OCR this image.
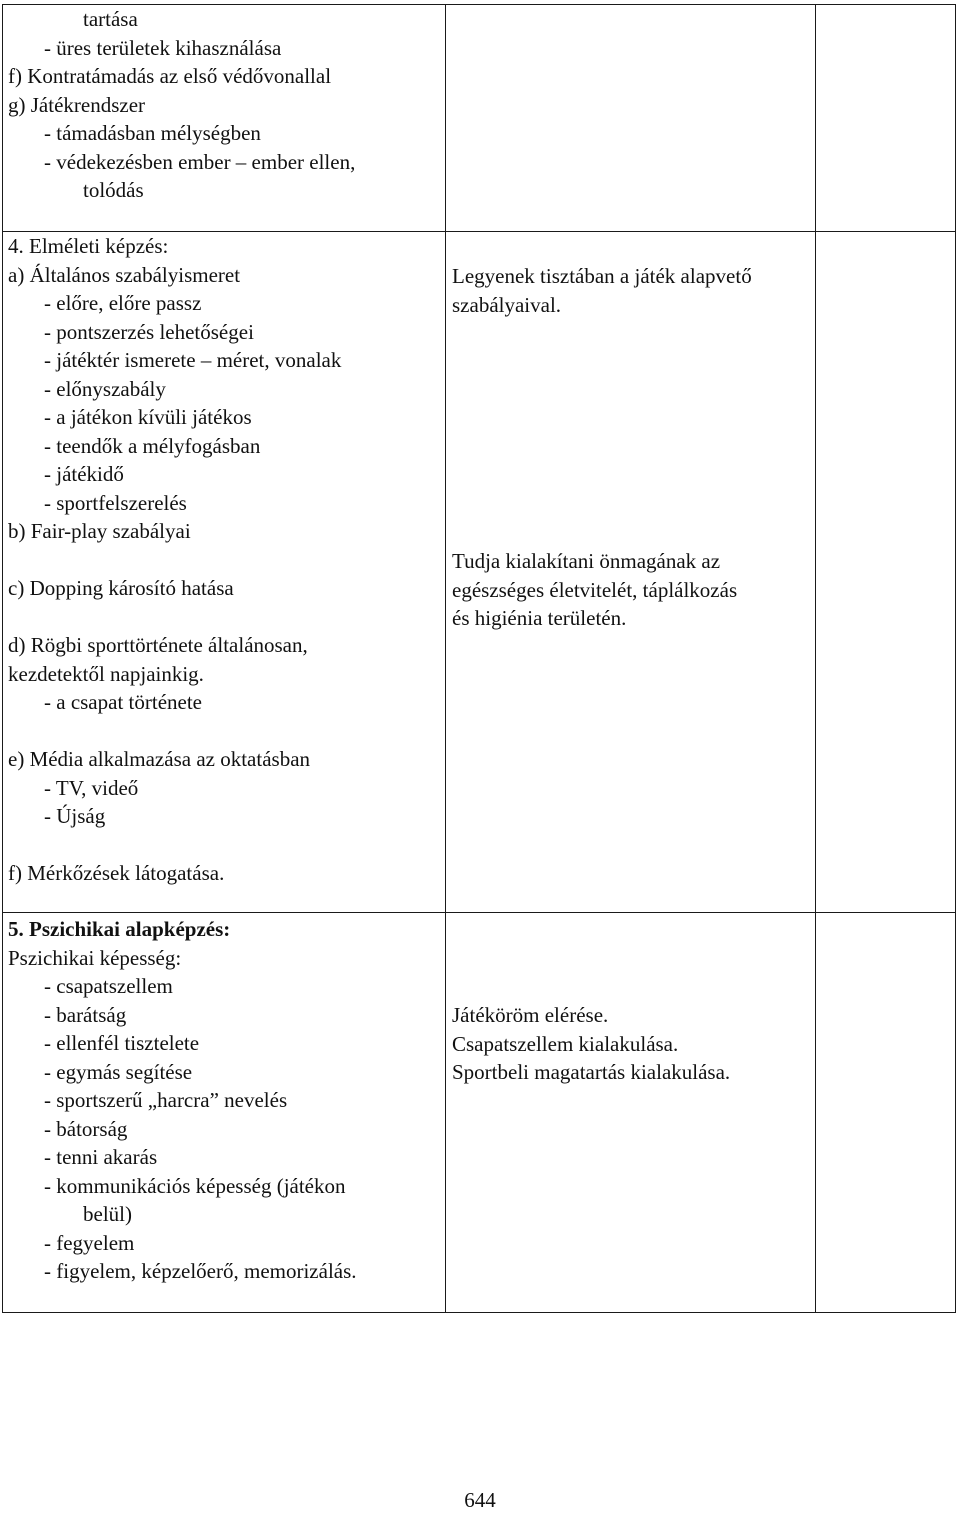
tartása
- üres területek kihasználása
f) Kontratámadás az első védővonallal
g) Játékrendszer
- támadásban mélységben
- védekezésben ember – ember ellen,
tolódás
4. Elméleti képzés:
a) Általános szabályismeret
- előre, előre passz
- pontszerzés lehetőségei
- játéktér ismerete – méret, vonalak
- előnyszabály
- a játékon kívüli játékos
- teendők a mélyfogásban
- játékidő
- sportfelszerelés
b) Fair-play szabályai
c) Dopping károsító hatása
d) Rögbi sporttörténete általánosan,
kezdetektől napjainkig.
- a csapat története
e) Média alkalmazása az oktatásban
- TV, videő
- Újság
f) Mérkőzések látogatása.
Legyenek tisztában a játék alapvető
szabályaival.
Tudja kialakítani önmagának az
egészséges életvitelét, táplálkozás
és higiénia területén.
5. Pszichikai alapképzés:
Pszichikai képesség:
- csapatszellem
- barátság
- ellenfél tisztelete
- egymás segítése
- sportszerű „harcra” nevelés
- bátorság
- tenni akarás
- kommunikációs képesség (játékon
belül)
- fegyelem
- figyelem, képzelőerő, memorizálás.
Játéköröm elérése.
Csapatszellem kialakulása.
Sportbeli magatartás kialakulása.
644
